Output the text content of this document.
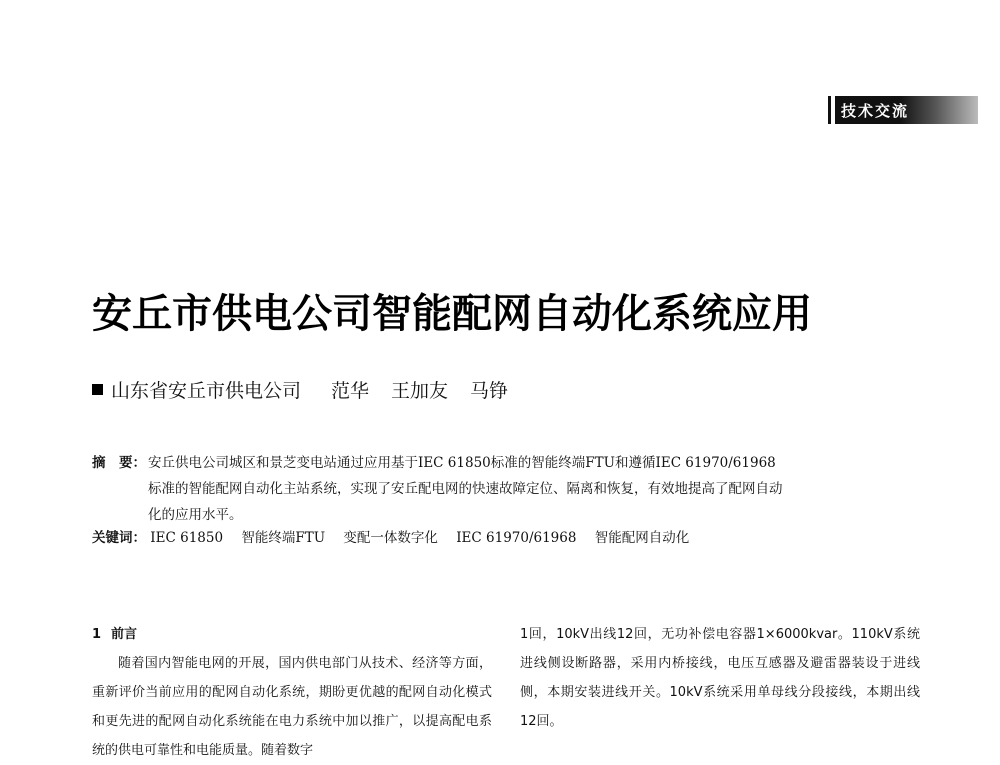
技术交流
安丘市供电公司智能配网自动化系统应用
山东省安丘市供电公司 范华 王加友 马铮
摘　要： 安丘供电公司城区和景芝变电站通过应用基于IEC 61850标准的智能终端FTU和遵循IEC 61970/61968标准的智能配网自动化主站系统，实现了安丘配电网的快速故障定位、隔离和恢复，有效地提高了配网自动化的应用水平。
关键词： IEC 61850 智能终端FTU 变配一体数字化 IEC 61970/61968 智能配网自动化
1 前言

随着国内智能电网的开展，国内供电部门从技术、经济等方面，重新评价当前应用的配网自动化系统，期盼更优越的配网自动化模式和更先进的配网自动化系统能在电力系统中加以推广，以提高配电系统的供电可靠性和电能质量。随着数字

1回，10kV出线12回，无功补偿电容器1×6000kvar。110kV系统进线侧设断路器，采用内桥接线，电压互感器及避雷器装设于进线侧，本期安装进线开关。10kV系统采用单母线分段接线，本期出线12回。
